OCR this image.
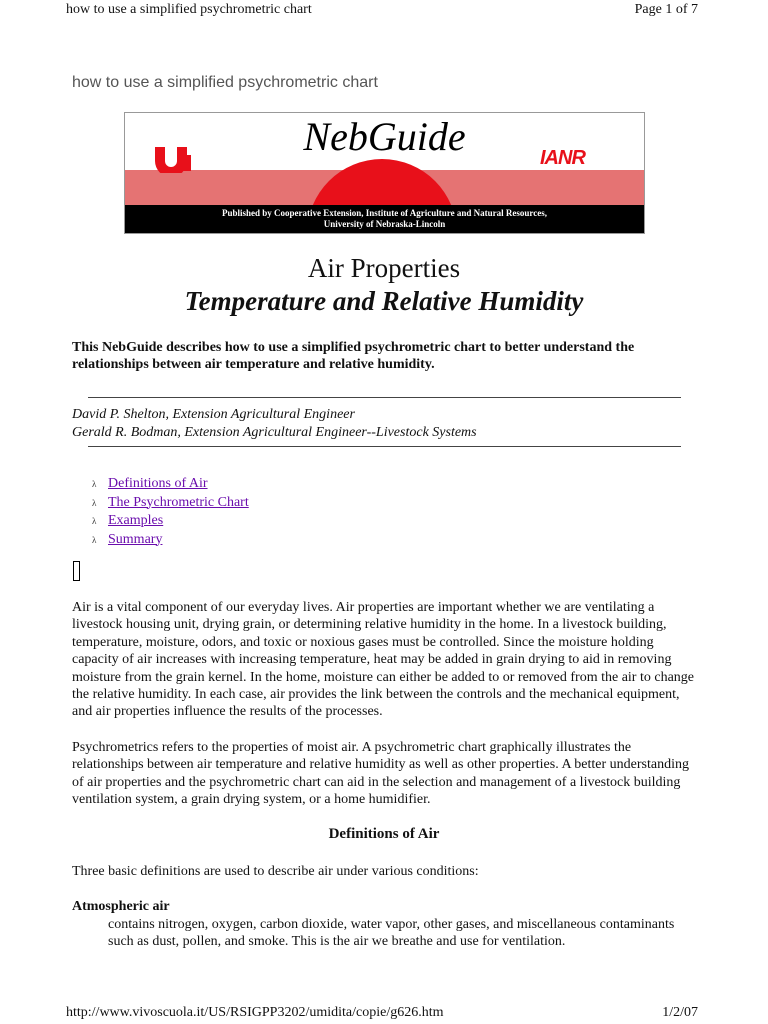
how to use a simplified psychrometric chart	Page 1 of 7
how to use a simplified psychrometric chart
NebGuide	IANR
Published by Cooperative Extension, Institute of Agriculture and Natural Resources,
University of Nebraska-Lincoln
Air Properties
Temperature and Relative Humidity
This NebGuide describes how to use a simplified psychrometric chart to better understand the relationships between air temperature and relative humidity.
David P. Shelton, Extension Agricultural Engineer
Gerald R. Bodman, Extension Agricultural Engineer--Livestock Systems
λ Definitions of Air
λ The Psychrometric Chart
λ Examples
λ Summary
Air is a vital component of our everyday lives. Air properties are important whether we are ventilating a livestock housing unit, drying grain, or determining relative humidity in the home. In a livestock building, temperature, moisture, odors, and toxic or noxious gases must be controlled. Since the moisture holding capacity of air increases with increasing temperature, heat may be added in grain drying to aid in removing moisture from the grain kernel. In the home, moisture can either be added to or removed from the air to change the relative humidity. In each case, air provides the link between the controls and the mechanical equipment, and air properties influence the results of the processes.
Psychrometrics refers to the properties of moist air. A psychrometric chart graphically illustrates the relationships between air temperature and relative humidity as well as other properties. A better understanding of air properties and the psychrometric chart can aid in the selection and management of a livestock building ventilation system, a grain drying system, or a home humidifier.
Definitions of Air
Three basic definitions are used to describe air under various conditions:
Atmospheric air
contains nitrogen, oxygen, carbon dioxide, water vapor, other gases, and miscellaneous contaminants such as dust, pollen, and smoke. This is the air we breathe and use for ventilation.
http://www.vivoscuola.it/US/RSIGPP3202/umidita/copie/g626.htm	1/2/07
